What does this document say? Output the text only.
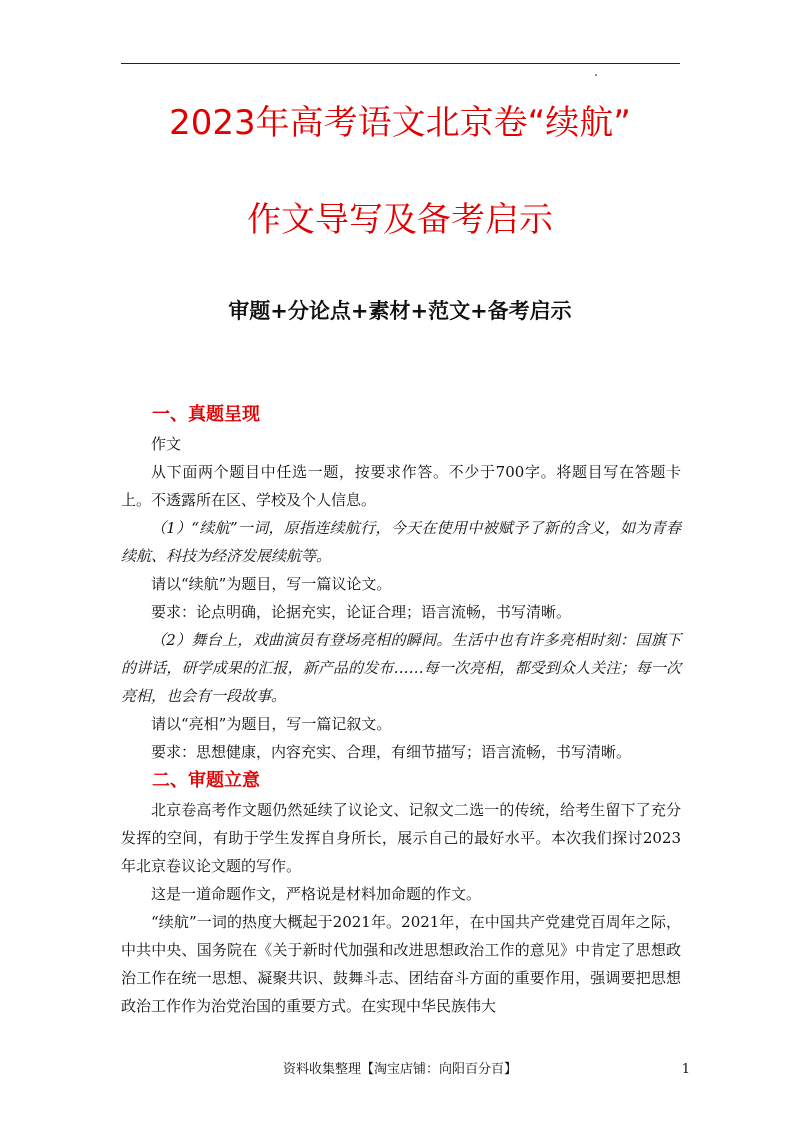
2023年高考语文北京卷“续航”
作文导写及备考启示
审题+分论点+素材+范文+备考启示
一、真题呈现

作文

从下面两个题目中任选一题，按要求作答。不少于700字。将题目写在答题卡上。不透露所在区、学校及个人信息。

（1）“续航”一词，原指连续航行，今天在使用中被赋予了新的含义，如为青春续航、科技为经济发展续航等。

请以“续航”为题目，写一篇议论文。

要求：论点明确，论据充实，论证合理；语言流畅，书写清晰。

（2）舞台上，戏曲演员有登场亮相的瞬间。生活中也有许多亮相时刻：国旗下的讲话，研学成果的汇报，新产品的发布……每一次亮相，都受到众人关注；每一次亮相，也会有一段故事。

请以“亮相”为题目，写一篇记叙文。

要求：思想健康，内容充实、合理，有细节描写；语言流畅，书写清晰。

二、审题立意

北京卷高考作文题仍然延续了议论文、记叙文二选一的传统，给考生留下了充分发挥的空间，有助于学生发挥自身所长，展示自己的最好水平。本次我们探讨2023年北京卷议论文题的写作。

这是一道命题作文，严格说是材料加命题的作文。

“续航”一词的热度大概起于2021年。2021年，在中国共产党建党百周年之际，中共中央、国务院在《关于新时代加强和改进思想政治工作的意见》中肯定了思想政治工作在统一思想、凝聚共识、鼓舞斗志、团结奋斗方面的重要作用，强调要把思想政治工作作为治党治国的重要方式。在实现中华民族伟大

资料收集整理【淘宝店铺：向阳百分百】	1
